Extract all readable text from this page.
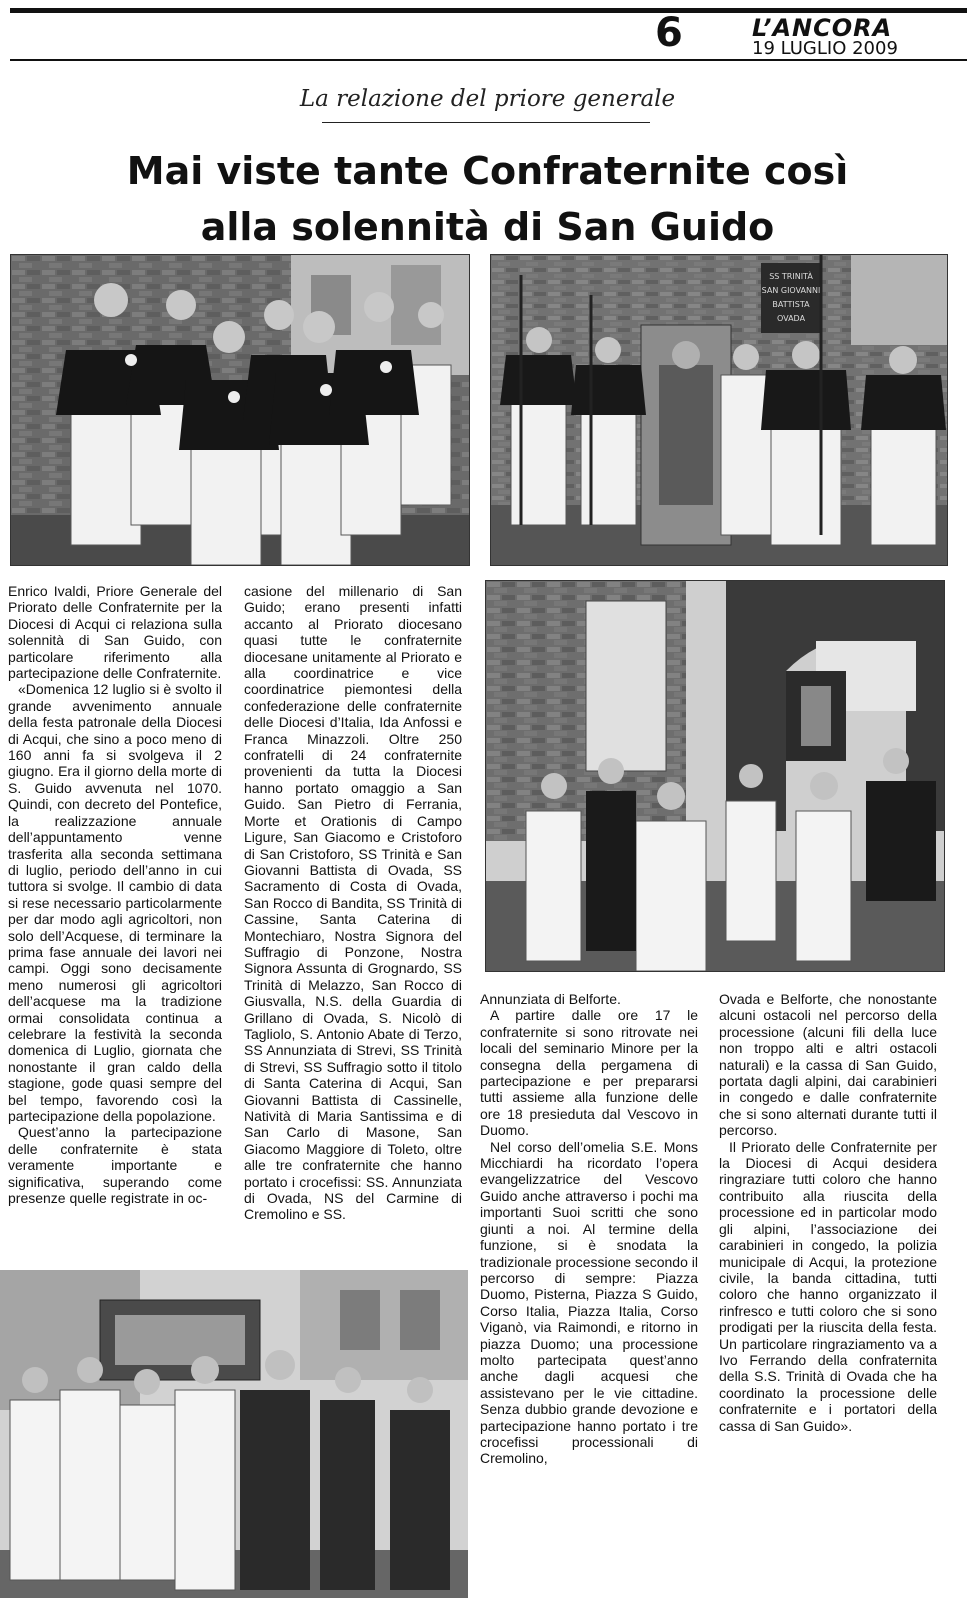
6	L’ANCORA
19 LUGLIO 2009
La relazione del priore generale
Mai viste tante Confraternite così
alla solennità di San Guido
SS TRINITÀ
SAN GIOVANNI
BATTISTA
OVADA

Enrico Ivaldi, Priore Generale del Priorato delle Confraternite per la Diocesi di Acqui ci relaziona sulla solennità di San Guido, con particolare riferimento alla partecipazione delle Confraternite.

«Domenica 12 luglio si è svolto il grande avvenimento annuale della festa patronale della Diocesi di Acqui, che sino a poco meno di 160 anni fa si svolgeva il 2 giugno. Era il giorno della morte di S. Guido avvenuta nel 1070. Quindi, con decreto del Pontefice, la realizzazione annuale dell’appuntamento venne trasferita alla seconda settimana di luglio, periodo dell’anno in cui tuttora si svolge. Il cambio di data si rese necessario particolarmente per dar modo agli agricoltori, non solo dell’Acquese, di terminare la prima fase annuale dei lavori nei campi. Oggi sono decisamente meno numerosi gli agricoltori dell’acquese ma la tradizione ormai consolidata continua a celebrare la festività la seconda domenica di Luglio, giornata che nonostante il gran caldo della stagione, gode quasi sempre del bel tempo, favorendo così la partecipazione della popolazione.

Quest’anno la partecipazione delle confraternite è stata veramente importante e significativa, superando come presenze quelle registrate in oc-

casione del millenario di San Guido; erano presenti infatti accanto al Priorato diocesano quasi tutte le confraternite diocesane unitamente al Priorato e alla coordinatrice e vice coordinatrice piemontesi della confederazione delle confraternite delle Diocesi d’Italia, Ida Anfossi e Franca Minazzoli. Oltre 250 confratelli di 24 confraternite provenienti da tutta la Diocesi hanno portato omaggio a San Guido. San Pietro di Ferrania, Morte et Orationis di Campo Ligure, San Giacomo e Cristoforo di San Cristoforo, SS Trinità e San Giovanni Battista di Ovada, SS Sacramento di Costa di Ovada, San Rocco di Bandita, SS Trinità di Cassine, Santa Caterina di Montechiaro, Nostra Signora del Suffragio di Ponzone, Nostra Signora Assunta di Grognardo, SS Trinità di Melazzo, San Rocco di Giusvalla, N.S. della Guardia di Grillano di Ovada, S. Nicolò di Tagliolo, S. Antonio Abate di Terzo, SS Annunziata di Strevi, SS Trinità di Strevi, SS Suffragio sotto il titolo di Santa Caterina di Acqui, San Giovanni Battista di Cassinelle, Natività di Maria Santissima e di San Carlo di Masone, San Giacomo Maggiore di Toleto, oltre alle tre confraternite che hanno portato i crocefissi: SS. Annunziata di Ovada, NS del Carmine di Cremolino e SS.

Annunziata di Belforte.

A partire dalle ore 17 le confraternite si sono ritrovate nei locali del seminario Minore per la consegna della pergamena di partecipazione e per prepararsi tutti assieme alla funzione delle ore 18 presieduta dal Vescovo in Duomo.

Nel corso dell’omelia S.E. Mons Micchiardi ha ricordato l’opera evangelizzatrice del Vescovo Guido anche attraverso i pochi ma importanti Suoi scritti che sono giunti a noi. Al termine della funzione, si è snodata la tradizionale processione secondo il percorso di sempre: Piazza Duomo, Pisterna, Piazza S Guido, Corso Italia, Piazza Italia, Corso Viganò, via Raimondi, e ritorno in piazza Duomo; una processione molto partecipata quest’anno anche dagli acquesi che assistevano per le vie cittadine. Senza dubbio grande devozione e partecipazione hanno portato i tre crocefissi processionali di Cremolino,

Ovada e Belforte, che nonostante alcuni ostacoli nel percorso della processione (alcuni fili della luce non troppo alti e altri ostacoli naturali) e la cassa di San Guido, portata dagli alpini, dai carabinieri in congedo e dalle confraternite che si sono alternati durante tutti il percorso.

Il Priorato delle Confraternite per la Diocesi di Acqui desidera ringraziare tutti coloro che hanno contribuito alla riuscita della processione ed in particolar modo gli alpini, l’associazione dei carabinieri in congedo, la polizia municipale di Acqui, la protezione civile, la banda cittadina, tutti coloro che hanno organizzato il rinfresco e tutti coloro che si sono prodigati per la riuscita della festa. Un particolare ringraziamento va a Ivo Ferrando della confraternita della S.S. Trinità di Ovada che ha coordinato la processione delle confraternite e i portatori della cassa di San Guido».
